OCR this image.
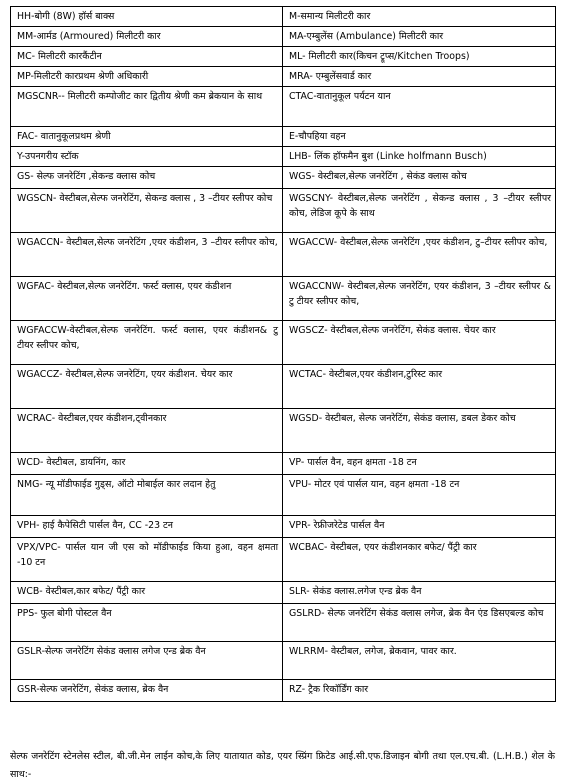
HH-बोगी (8W) हॉर्स बाक्स	M-समान्य मिलीटरी कार
MM-आर्मड (Armoured) मिलीटरी कार	MA-एम्बुलेंस (Ambulance) मिलीटरी कार
MC- मिलीटरी कारकैंटीन	ML- मिलीटरी कार(किचन ट्रूप्स/Kitchen Troops)
MP-मिलीटरी कारप्रथम श्रेणी अधिकारी	MRA- एम्बुलेंसवार्ड कार
MGSCNR-- मिलीटरी कम्पोजीट कार द्वितीय श्रेणी कम ब्रेकयान के साथ	CTAC-वातानुकूल पर्यटन यान
FAC- वातानुकूलप्रथम श्रेणी	E-चौपहिया वहन
Y-उपनगरीय स्टॉक	LHB- लिंक हॉफमैन बुश (Linke holfmann Busch)
GS- सेल्फ जनरेटिंग ,सेकन्ड क्लास कोच	WGS- वेस्टीबल,सेल्फ जनरेटिंग , सेकंड क्लास कोच
WGSCN- वेस्टीबल,सेल्फ जनरेटिंग, सेकन्ड क्लास , 3 –टीयर स्लीपर कोच	WGSCNY- वेस्टीबल,सेल्फ जनरेटिंग , सेकन्ड क्लास , 3 –टीयर स्लीपर कोच, लेडिज कूपे के साथ
WGACCN- वेस्टीबल,सेल्फ जनरेटिंग ,एयर कंडीशन, 3 –टीयर स्लीपर कोच,	WGACCW- वेस्टीबल,सेल्फ जनरेटिंग ,एयर कंडीशन, टु–टीयर स्लीपर कोच,
WGFAC- वेस्टीबल,सेल्फ जनरेटिंग. फर्स्ट क्लास, एयर कंडीशन	WGACCNW- वेस्टीबल,सेल्फ जनरेटिंग, एयर कंडीशन, 3 –टीयर स्लीपर & टु टीयर स्लीपर कोच,
WGFACCW-वेस्टीबल,सेल्फ जनरेटिंग. फर्स्ट क्लास, एयर कंडीशन& टु टीयर स्लीपर कोच,	WGSCZ- वेस्टीबल,सेल्फ जनरेटिंग, सेकंड क्लास. चेयर कार
WGACCZ- वेस्टीबल,सेल्फ जनरेटिंग, एयर कंडीशन. चेयर कार	WCTAC- वेस्टीबल,एयर कंडीशन,टुरिस्ट कार
WCRAC- वेस्टीबल,एयर कंडीशन,ट्वीनकार	WGSD- वेस्टीबल, सेल्फ जनरेटिंग, सेकंड क्लास, डबल डेकर कोच
WCD- वेस्टीबल, डायनिंग, कार	VP- पार्सल वैन, वहन क्षमता -18 टन
NMG- न्यू मॉडीफाईड गुड्स, ऑटो मोबाईल कार लदान हेतु	VPU- मोटर एवं पार्सल यान, वहन क्षमता -18 टन
VPH- हाई कैपेसिटी पार्सल वैन, CC -23 टन	VPR- रेफ्रीजरेटेड पार्सल वैन
VPX/VPC- पार्सल यान जी एस को मॉडीफाईड किया हुआ, वहन क्षमता -10 टन	WCBAC- वेस्टीबल, एयर कंडीशनकार बफेट/ पैंट्री कार
WCB- वेस्टीबल,कार बफेट/ पैंट्री कार	SLR- सेकंड क्लास.लगेज एन्ड ब्रेक वैन
PPS- फुल बोगी पोस्टल वैन	GSLRD- सेल्फ जनरेटिंग सेकंड क्लास लगेज, ब्रेक वैन एंड डिसएबल्ड कोच
GSLR-सेल्फ जनरेटिंग सेकंड क्लास लगेज एन्ड ब्रेक वैन	WLRRM- वेस्टीबल, लगेज, ब्रेकवान, पावर कार.
GSR-सेल्फ जनरेटिंग, सेकंड क्लास, ब्रेक वैन	RZ- ट्रैक रिकॉर्डिंग कार

सेल्फ जनरेटिंग स्टेनलेस स्टील, बी.जी.मेन लाईन कोच,के लिए यातायात कोड, एयर स्प्रिंग फ्रिटेड आई.सी.एफ.डिजाइन बोगी तथा एल.एच.बी. (L.H.B.) शेल के साथ:-
